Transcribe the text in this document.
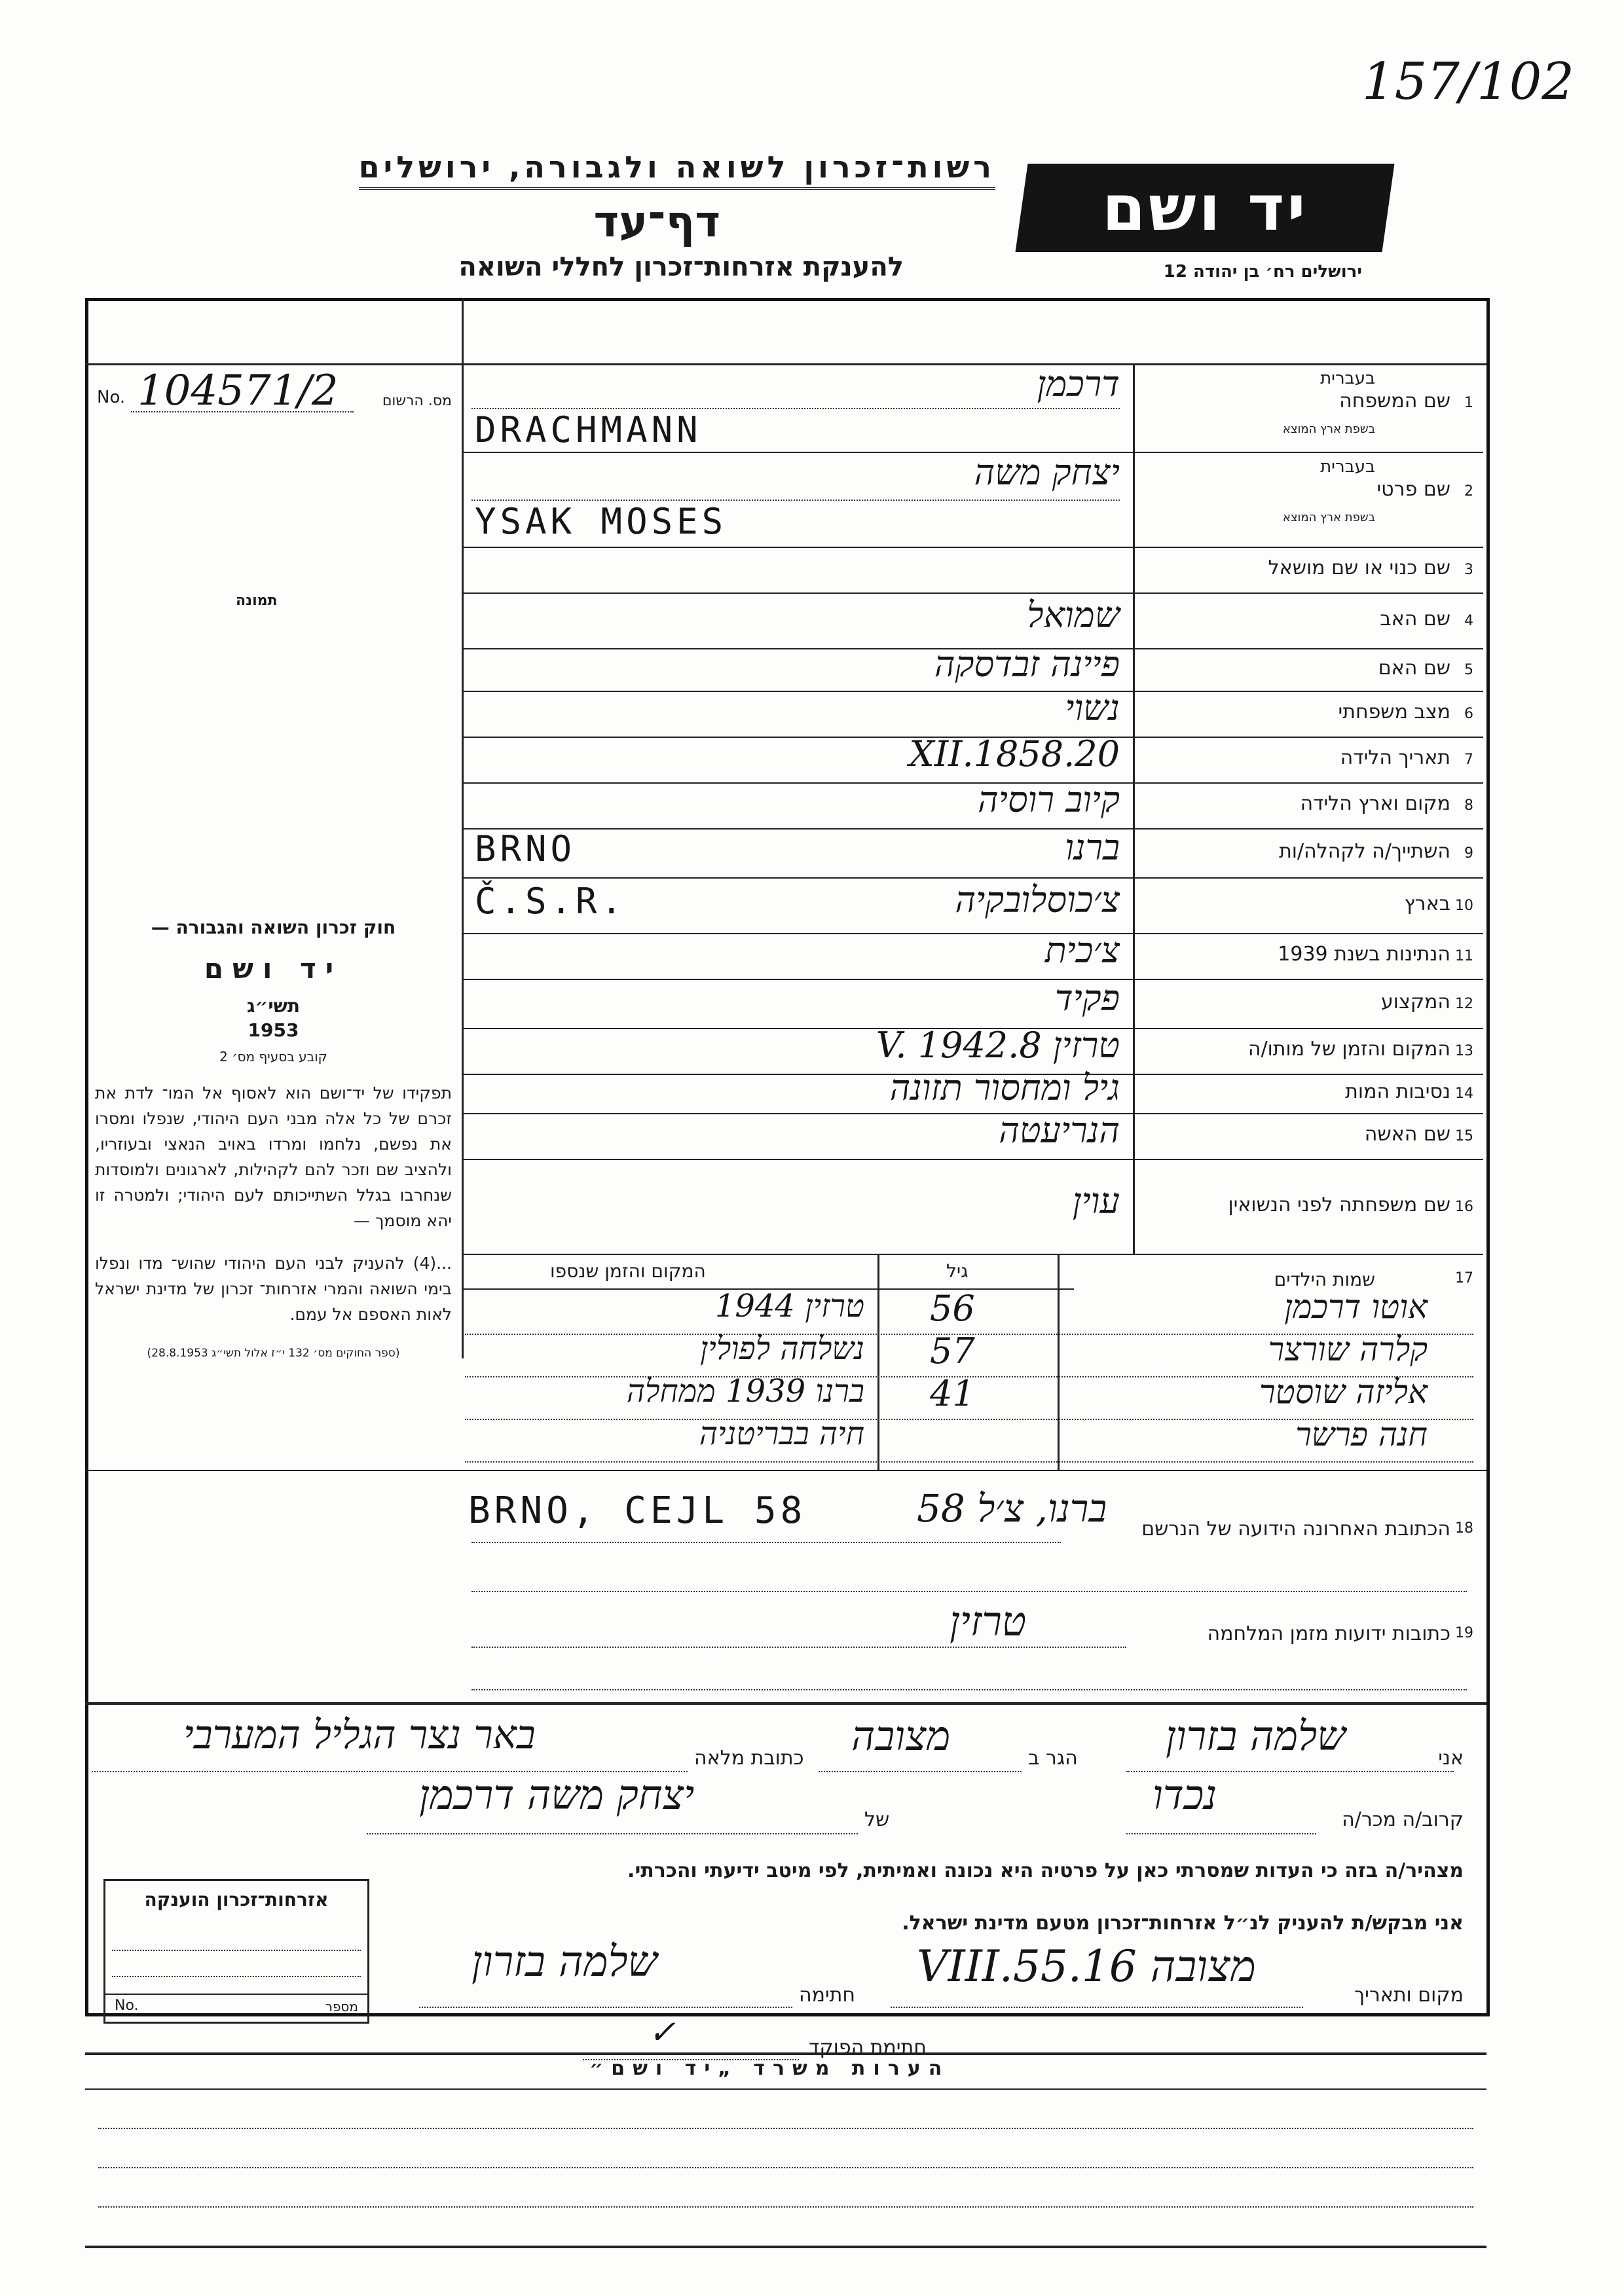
157/102
רשות־זכרון לשואה ולגבורה, ירושלים
דף־עד
להענקת אזרחות־זכרון לחללי השואה
יד ושם
ירושלים רח׳ בן יהודה 12
No. 104571/2	מס. הרשום
תמונה
חוק זכרון השואה והגבורה —
יד ושם
תשי״ג
1953
קובע בסעיף מס׳ 2
תפקידו של יד־ושם הוא לאסוף אל המו־ לדת את זכרם של כל אלה מבני העם היהודי, שנפלו ומסרו את נפשם, נלחמו ומרדו באויב הנאצי ובעוזריו, ולהציב שם וזכר להם לקהילות, לארגונים ולמוסדות שנחרבו בגלל השתייכותם לעם היהודי; ולמטרה זו יהא מוסמך —
...(4) להעניק לבני העם היהודי שהוש־ מדו ונפלו בימי השואה והמרי אזרחות־ זכרון של מדינת ישראל לאות האספם אל עמם.
(ספר החוקים מס׳ 132 י״ז אלול תשי״ג 28.8.1953)
1
שם המשפחה
בעברית
בשפת ארץ המוצא
דרכמן
DRACHMANN
2
שם פרטי
בעברית
בשפת ארץ המוצא
יצחק משה
YSAK MOSES
3
שם כנוי או שם מושאל
4
שם האב
שמואל
5
שם האם
פיינה זבדסקה
6
מצב משפחתי
נשוי
7
תאריך הלידה
20.XII.1858
8
מקום וארץ הלידה
קיוב רוסיה
9
השתייך/ה לקהלה/ות
ברנו
BRNO
10
בארץ
צ׳כוסלובקיה
Č.S.R.
11
הנתינות בשנת 1939
צ׳כית
12
המקצוע
פקיד
13
המקום והזמן של מותו/ה
טרזין 8.V. 1942
14
נסיבות המות
גיל ומחסור תזונה
15
שם האשה
הנריעטה
16
שם משפחתה לפני הנשואין
עוין
17
שמות הילדים
גיל
המקום והזמן שנספו
אוטו דרכמן
56
טרזין 1944
קלרה שורצר
57
נשלחה לפולין
אליזה שוסטר
41
ברנו 1939 ממחלה
חנה פרשר
חיה בבריטניה
18
הכתובת האחרונה הידועה של הנרשם
ברנו, צ׳ל 58
BRNO, CEJL 58
19
כתובות ידועות מזמן המלחמה
טרזין
אני
שלמה בזרון
הגר ב
מצובה
כתובת מלאה
באר נצר הגליל המערבי
קרוב/ה מכר/ה
נכדו
של
יצחק משה דרכמן
מצהיר/ה בזה כי העדות שמסרתי כאן על פרטיה היא נכונה ואמיתית, לפי מיטב ידיעתי והכרתי.
אני מבקש/ת להעניק לנ״ל אזרחות־זכרון מטעם מדינת ישראל.
מקום ותאריך
מצובה 16.VIII.55
חתימה
שלמה בזרון
חתימת הפוקד
✓
אזרחות־זכרון הוענקה
No.	מספר
הערות משרד „יד ושם״
